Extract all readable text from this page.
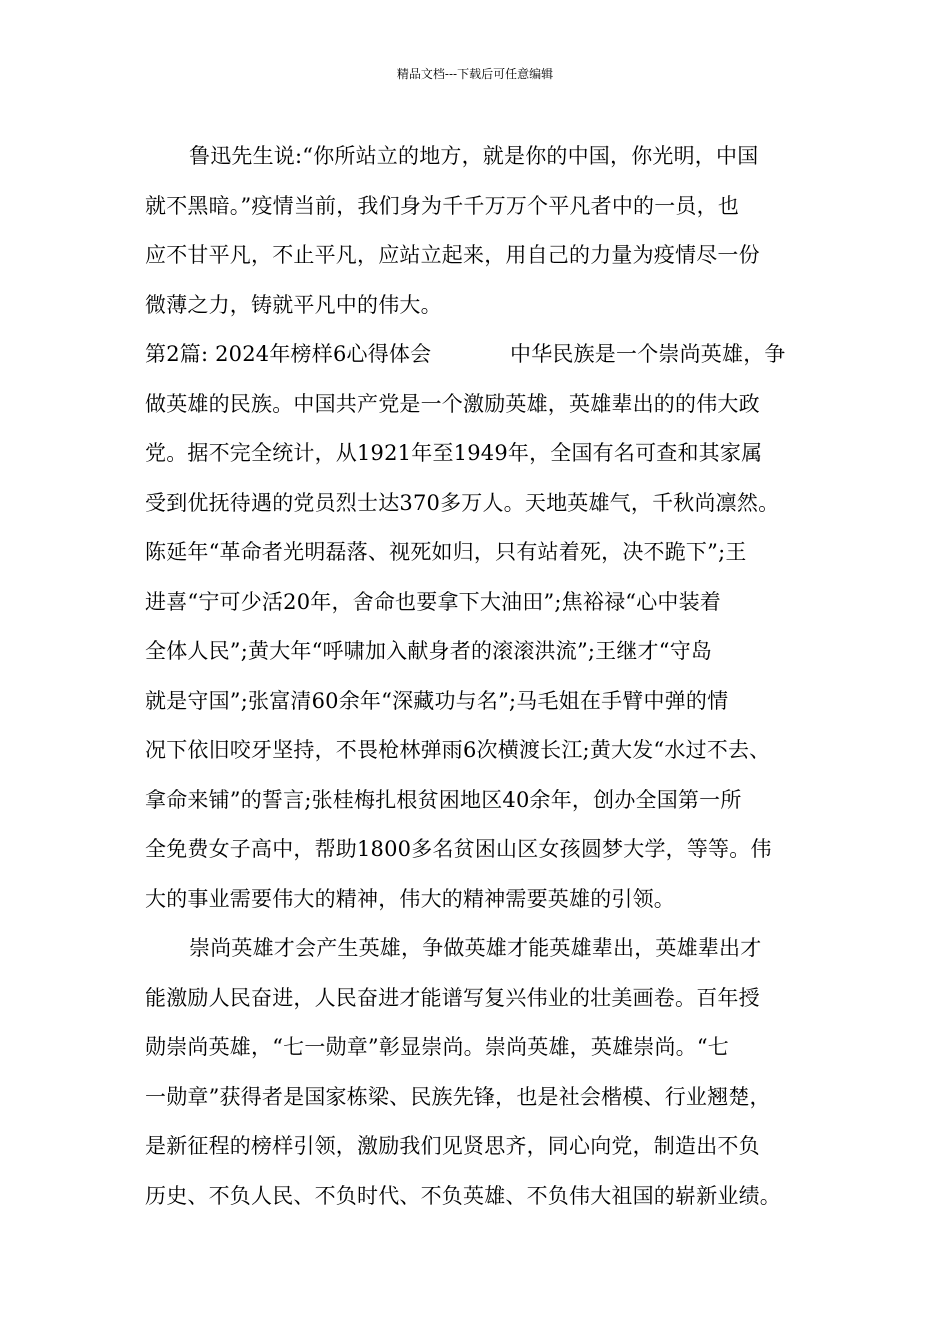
精品文档---下载后可任意编辑
鲁迅先生说:“你所站立的地方，就是你的中国，你光明，中国
就不黑暗。”疫情当前，我们身为千千万万个平凡者中的一员，也
应不甘平凡，不止平凡，应站立起来，用自己的力量为疫情尽一份
微薄之力，铸就平凡中的伟大。
第2篇: 2024年榜样6心得体会	中华民族是一个崇尚英雄，争
做英雄的民族。中国共产党是一个激励英雄，英雄辈出的的伟大政
党。据不完全统计，从1921年至1949年，全国有名可查和其家属
受到优抚待遇的党员烈士达370多万人。天地英雄气，千秋尚凛然。
陈延年“革命者光明磊落、视死如归，只有站着死，决不跪下”;王
进喜“宁可少活20年，舍命也要拿下大油田”;焦裕禄“心中装着
全体人民”;黄大年“呼啸加入献身者的滚滚洪流”;王继才“守岛
就是守国”;张富清60余年“深藏功与名”;马毛姐在手臂中弹的情
况下依旧咬牙坚持，不畏枪林弹雨6次横渡长江;黄大发“水过不去、
拿命来铺”的誓言;张桂梅扎根贫困地区40余年，创办全国第一所
全免费女子高中，帮助1800多名贫困山区女孩圆梦大学，等等。伟
大的事业需要伟大的精神，伟大的精神需要英雄的引领。
崇尚英雄才会产生英雄，争做英雄才能英雄辈出，英雄辈出才
能激励人民奋进，人民奋进才能谱写复兴伟业的壮美画卷。百年授
勋崇尚英雄，“七一勋章”彰显崇尚。崇尚英雄，英雄崇尚。“七
一勋章”获得者是国家栋梁、民族先锋，也是社会楷模、行业翘楚，
是新征程的榜样引领，激励我们见贤思齐，同心向党，制造出不负
历史、不负人民、不负时代、不负英雄、不负伟大祖国的崭新业绩。
